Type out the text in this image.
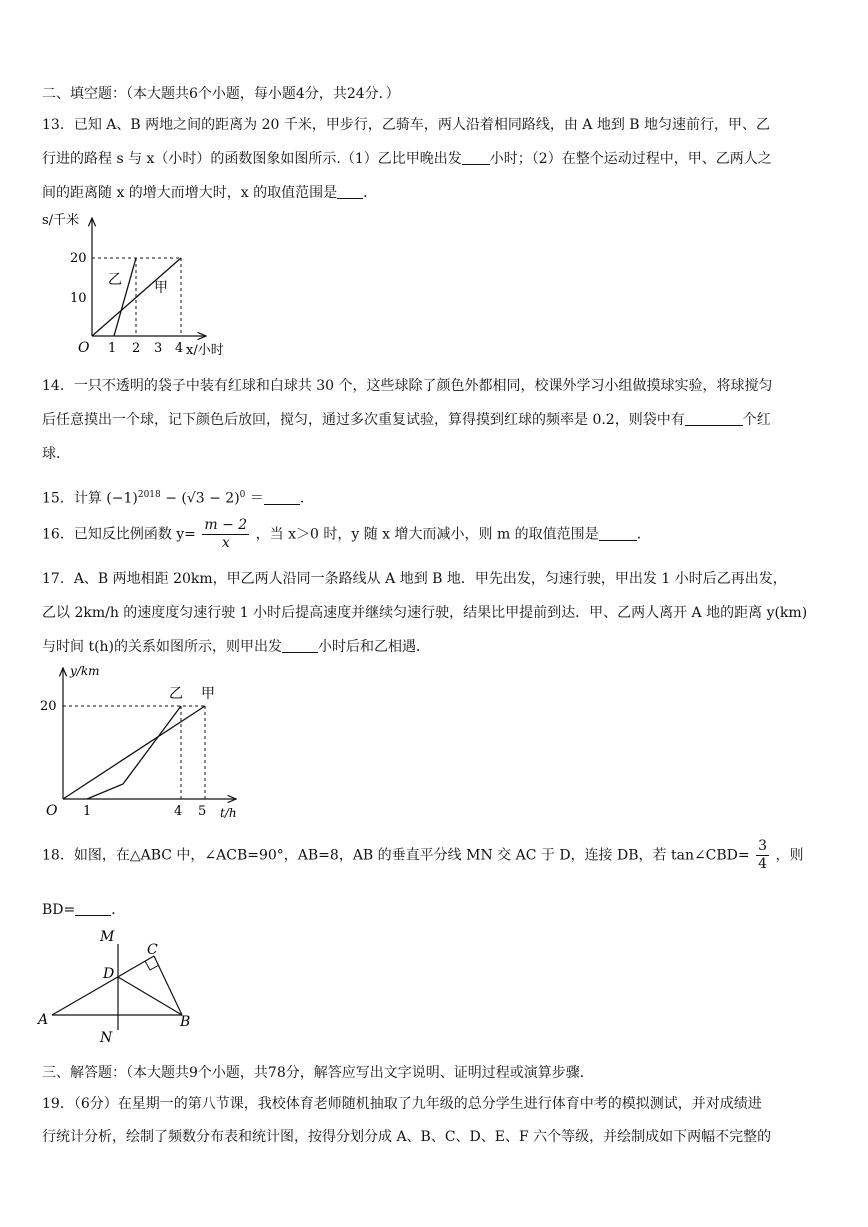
二、填空题：（本大题共6个小题，每小题4分，共24分．）
13．已知 A、B 两地之间的距离为 20 千米，甲步行，乙骑车，两人沿着相同路线，由 A 地到 B 地匀速前行，甲、乙
行进的路程 s 与 x（小时）的函数图象如图所示.（1）乙比甲晚出发 小时；（2）在整个运动过程中，甲、乙两人之
间的距离随 x 的增大而增大时，x 的取值范围是 ．
s/千米
x/小时
O
20
10
1 2 3 4
乙 甲
14．一只不透明的袋子中装有红球和白球共 30 个，这些球除了颜色外都相同，校课外学习小组做摸球实验，将球搅匀
后任意摸出一个球，记下颜色后放回，搅匀，通过多次重复试验，算得摸到红球的频率是 0.2，则袋中有	个红
球.
15．计算 $(-1)^{2018} - (√3 - 2)^0$ ＝	．
16．已知反比例函数 $y= \frac{m - 2}{x}$ ，当 x＞0 时，y 随 x 增大而减小，则 m 的取值范围是	．
17．A、B 两地相距 20km，甲乙两人沿同一条路线从 A 地到 B 地．甲先出发，匀速行驶，甲出发 1 小时后乙再出发，
乙以 2km/h 的速度度匀速行驶 1 小时后提高速度并继续匀速行驶，结果比甲提前到达．甲、乙两人离开 A 地的距离 y(km)
与时间 t(h)的关系如图所示，则甲出发	小时后和乙相遇．
y/km
t/h
O
20
1	4 5
乙 甲
18．如图，在△ABC 中，∠ACB=90°，AB=8，AB 的垂直平分线 MN 交 AC 于 D，连接 DB，若 tan∠CBD= $\frac{3}{4}$ ，则
BD=	．
M
C
D
A	B
N
三、解答题：（本大题共9个小题，共78分，解答应写出文字说明、证明过程或演算步骤．
19．（6分）在星期一的第八节课，我校体育老师随机抽取了九年级的总分学生进行体育中考的模拟测试，并对成绩进
行统计分析，绘制了频数分布表和统计图，按得分划分成 A、B、C、D、E、F 六个等级，并绘制成如下两幅不完整的
